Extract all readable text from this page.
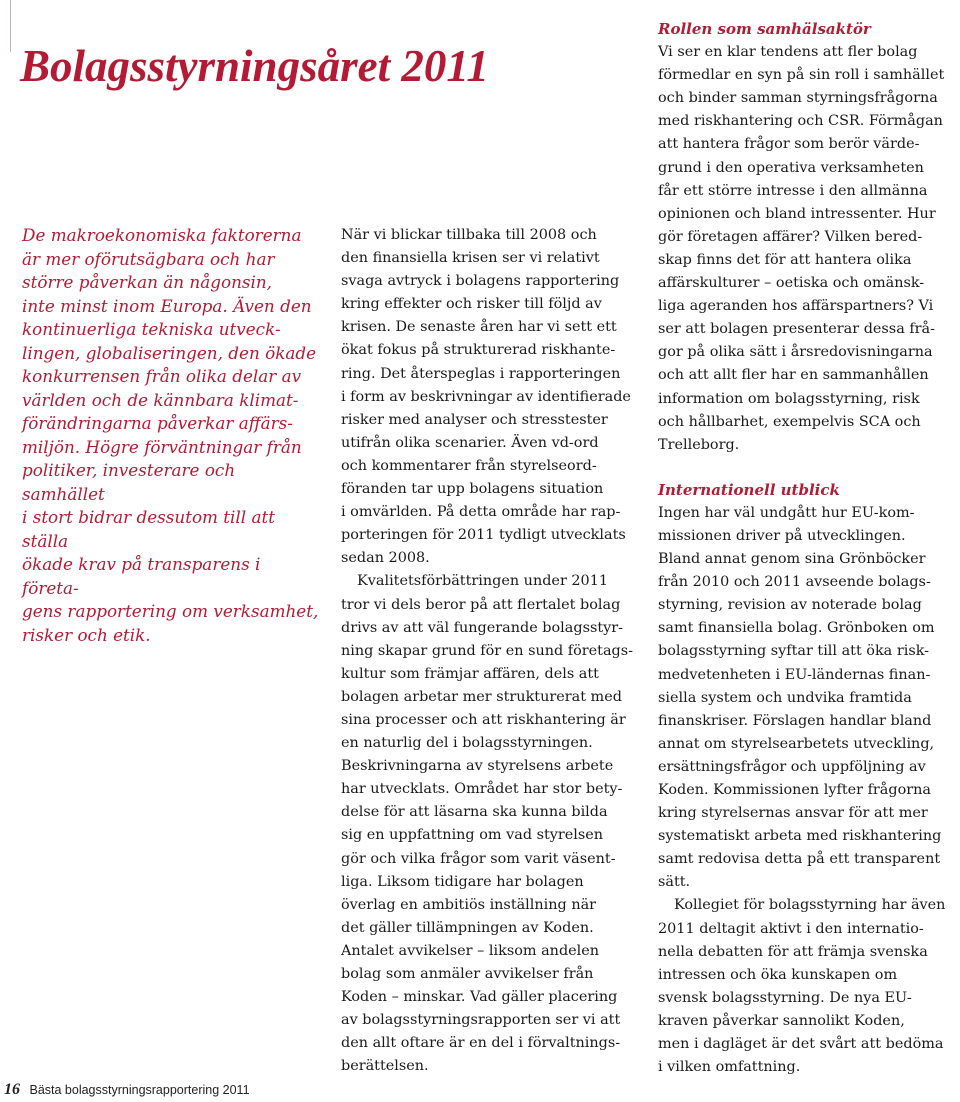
Bolagsstyrningsåret 2011

De makroekonomiska faktorerna
är mer oförutsägbara och har
större påverkan än någonsin,
inte minst inom Europa. Även den
kontinuerliga tekniska utveck-
lingen, globaliseringen, den ökade
konkurrensen från olika delar av
världen och de kännbara klimat-
förändringarna påverkar affärs-
miljön. Högre förväntningar från
politiker, investerare och samhället
i stort bidrar dessutom till att ställa
ökade krav på transparens i företa-
gens rapportering om verksamhet,
risker och etik.

När vi blickar tillbaka till 2008 och
den finansiella krisen ser vi relativt
svaga avtryck i bolagens rapportering
kring effekter och risker till följd av
krisen. De senaste åren har vi sett ett
ökat fokus på strukturerad riskhante-
ring. Det återspeglas i rapporteringen
i form av beskrivningar av identifierade
risker med analyser och stresstester
utifrån olika scenarier. Även vd-ord
och kommentarer från styrelseord-
föranden tar upp bolagens situation
i omvärlden. På detta område har rap-
porteringen för 2011 tydligt utvecklats
sedan 2008.

Kvalitetsförbättringen under 2011
tror vi dels beror på att flertalet bolag
drivs av att väl fungerande bolagsstyr-
ning skapar grund för en sund företags-
kultur som främjar affären, dels att
bolagen arbetar mer strukturerat med
sina processer och att riskhantering är
en naturlig del i bolagsstyrningen.
Beskrivningarna av styrelsens arbete
har utvecklats. Området har stor bety-
delse för att läsarna ska kunna bilda
sig en uppfattning om vad styrelsen
gör och vilka frågor som varit väsent-
liga. Liksom tidigare har bolagen
överlag en ambitiös inställning när
det gäller tillämpningen av Koden.
Antalet avvikelser – liksom andelen
bolag som anmäler avvikelser från
Koden – minskar. Vad gäller placering
av bolagsstyrningsrapporten ser vi att
den allt oftare är en del i förvaltnings-
berättelsen.

Rollen som samhälsaktör

Vi ser en klar tendens att fler bolag
förmedlar en syn på sin roll i samhället
och binder samman styrningsfrågorna
med riskhantering och CSR. Förmågan
att hantera frågor som berör värde-
grund i den operativa verksamheten
får ett större intresse i den allmänna
opinionen och bland intressenter. Hur
gör företagen affärer? Vilken bered-
skap finns det för att hantera olika
affärskulturer – oetiska och omänsk-
liga ageranden hos affärspartners? Vi
ser att bolagen presenterar dessa frå-
gor på olika sätt i årsredovisningarna
och att allt fler har en sammanhållen
information om bolagsstyrning, risk
och hållbarhet, exempelvis SCA och
Trelleborg.

Internationell utblick

Ingen har väl undgått hur EU-kom-
missionen driver på utvecklingen.
Bland annat genom sina Grönböcker
från 2010 och 2011 avseende bolags-
styrning, revision av noterade bolag
samt finansiella bolag. Grönboken om
bolagsstyrning syftar till att öka risk-
medvetenheten i EU-ländernas finan-
siella system och undvika framtida
finanskriser. Förslagen handlar bland
annat om styrelsearbetets utveckling,
ersättningsfrågor och uppföljning av
Koden. Kommissionen lyfter frågorna
kring styrelsernas ansvar för att mer
systematiskt arbeta med riskhantering
samt redovisa detta på ett transparent
sätt.

Kollegiet för bolagsstyrning har även
2011 deltagit aktivt i den internatio-
nella debatten för att främja svenska
intressen och öka kunskapen om
svensk bolagsstyrning. De nya EU-
kraven påverkar sannolikt Koden,
men i dagläget är det svårt att bedöma
i vilken omfattning.

16 Bästa bolagsstyrningsrapportering 2011
